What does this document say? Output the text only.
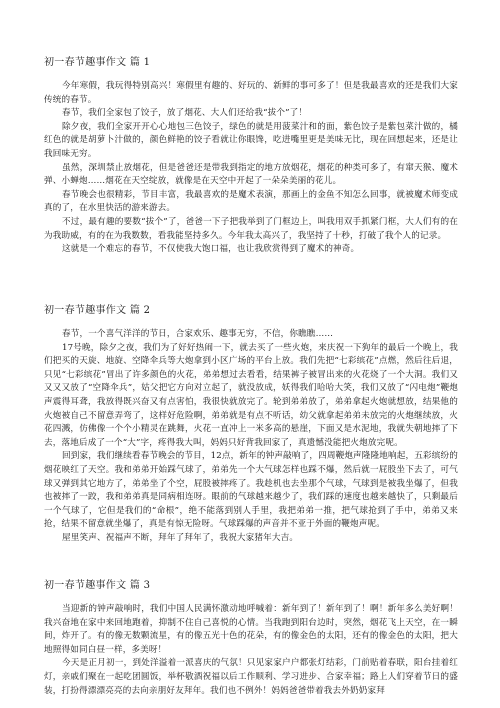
初一春节趣事作文 篇 1

今年寒假，我玩得特别高兴！寒假里有趣的、好玩的、新鲜的事可多了！但是我最喜欢的还是我们大家传统的春节。

春节，我们全家包了饺子，放了烟花、大人们还给我“拔个”了！

除夕夜，我们全家开开心心地包三色饺子，绿色的就是用菠菜汁和的面，紫色饺子是紫包菜汁做的，橘红色的就是胡萝卜汁做的，颜色鲜艳的饺子看就让你眼馋，吃进嘴里更是美味无比，现在回想起来，还是让我回味无穷。

虽然，深圳禁止放烟花，但是爸爸还是带我到指定的地方放烟花，烟花的种类可多了，有窜天猴、魔术弹、小蝉炮……烟花在天空绽放，就像是在天空中开起了一朵朵美丽的花儿。

春节晚会也很精彩，节目丰富，我最喜欢的是魔术表演，那画上的金鱼不知怎么回事，就被魔术师变成真的了，在水里快活的游来游去。

不过，最有趣的要数“拔个”了，爸爸一下子把我举到了门框边上，叫我用双手抓紧门框，大人们有的在为我助威，有的在为我数数，看我能坚持多久。今年我太高兴了，我坚持了十秒，打破了我个人的记录。

这就是一个难忘的春节，不仅使我大饱口福，也让我欣赏得到了魔术的神奇。

初一春节趣事作文 篇 2

春节，一个喜气洋洋的节日，合家欢乐、趣事无穷，不信，你瞧瞧……

17号晚，除夕之夜，我们为了好好热闹一下，就去买了一些火炮，来庆祝一下狗年的最后一个晚上，我们把买的天旋、地旋、空降伞兵等大炮拿到小区广场的平台上放。我们先把“七彩缤花”点燃，然后往后退，只见“七彩缤花”冒出了许多颜色的火花，弟弟想过去看看，结果裤子被冒出来的火花烧了一个大洞。我们又又又又放了“空降伞兵”，姑父把它方向对立起了，就没放成，妖得我们哈哈大笑，我们又放了“闪电炮”鞭炮声震得耳聋，我放得既兴奋又有点害怕，我很快就放完了。轮到弟弟放了，弟弟拿起火炮就想放，结果他的火炮被自己不留意弄弯了，这样好危险啊，弟弟就是有点不听话，幼父就拿起弟弟未放完的火炮继续放，火花四溅，仿佛像一个个小精灵在跳舞，火花一直冲上一米多高的悬崖，下面又是水泥地，我就失朝地摔了下去，落地后成了一个“大”字，疼得我大叫，妈妈只好背我回家了，真遗憾没能把火炮放完呢。

回到家，我们继续看春节晚会的节目，12点，新年的钟声敲响了，四周鞭炮声隆隆地响起，五彩缤纷的烟花映红了天空。我和弟弟开始踩气球了，弟弟先一个大气球怎样也踩不爆，然后就一屁股坐下去了，可气球又弹到其它地方了，弟弟坐了个空，屁股被摔疼了。我趁机也去坐那个气球，气球到是被我坐爆了，但我也被摔了一跤，我和弟弟真是同病相连呀。眼前的气球越来越少了，我们踩的速度也越来越快了，只剩最后一个气球了，它但是我们的“命根”，绝不能落到别人手里，我把弟弟一推，把气球抢到了手中，弟弟又来抢，结果不留意就坐爆了，真是有惊无险呀。气球踩爆的声音并不亚于外面的鞭炮声呢。

屋里笑声、祝福声不断，拜年了拜年了，我祝大家猪年大吉。

初一春节趣事作文 篇 3

当迎新的钟声敲响时，我们中国人民满怀激动地呼喊着：新年到了！新年到了！啊！新年多么美好啊！我兴奋地在家中来回地跑着，抑制不住自己喜悦的心情。当我跑到阳台边时，突然，烟花飞上天空，在一瞬间，炸开了。有的像无数颗流星，有的像五光十色的花朵，有的像金色的太阳，还有的像金色的太阳，把大地照得如同白昼一样，多美呀！

今天是正月初一，到处洋溢着一派喜庆的气氛！只见家家户户都张灯结彩，门前贴着春联，阳台挂着红灯，亲戚们聚在一起吃团圆饭，举杯敬酒祝福以后工作顺利、学习进步、合家幸福；路上人们穿着节日的盛装，打扮得漂漂亮亮的去向亲朋好友拜年。我们也不例外！妈妈爸爸带着我去外奶奶家拜
